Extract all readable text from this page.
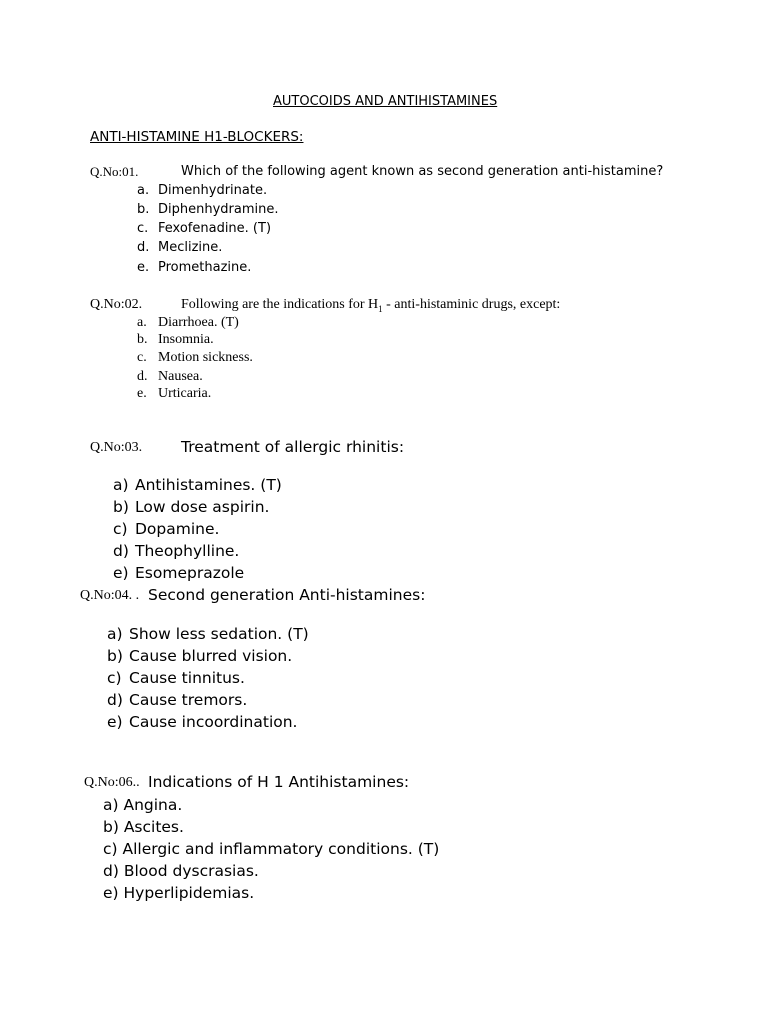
AUTOCOIDS AND ANTIHISTAMINES
ANTI-HISTAMINE H1-BLOCKERS:
Q.No:01.	Which of the following agent known as second generation anti-histamine?
a. Dimenhydrinate.
b. Diphenhydramine.
c. Fexofenadine. (T)
d. Meclizine.
e. Promethazine.
Q.No:02.	Following are the indications for $H_1$ - anti-histaminic drugs, except:
a. Diarrhoea. (T)
b. Insomnia.
c. Motion sickness.
d. Nausea.
e. Urticaria.
Q.No:03.	Treatment of allergic rhinitis:
a) Antihistamines. (T)
b) Low dose aspirin.
c) Dopamine.
d) Theophylline.
e) Esomeprazole
Q.No:04. . Second generation Anti-histamines:
a) Show less sedation. (T)
b) Cause blurred vision.
c) Cause tinnitus.
d) Cause tremors.
e) Cause incoordination.
Q.No:06.. Indications of H 1 Antihistamines:
a) Angina.
b) Ascites.
c) Allergic and inflammatory conditions. (T)
d) Blood dyscrasias.
e) Hyperlipidemias.
